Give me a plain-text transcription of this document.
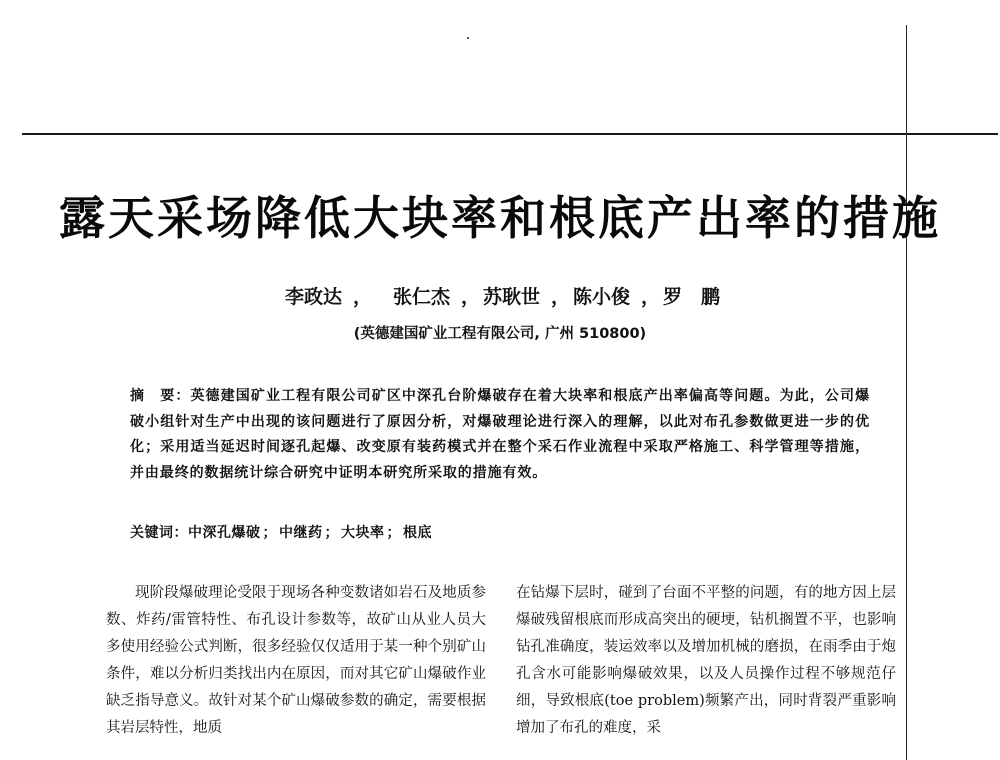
露天采场降低大块率和根底产出率的措施
李政达 ， 张仁杰 ， 苏耿世 ， 陈小俊 ， 罗　鹏
(英德建国矿业工程有限公司, 广州 510800)

摘　要：英德建国矿业工程有限公司矿区中深孔台阶爆破存在着大块率和根底产出率偏高等问题。为此，公司爆破小组针对生产中出现的该问题进行了原因分析，对爆破理论进行深入的理解，以此对布孔参数做更进一步的优化；采用适当延迟时间逐孔起爆、改变原有装药模式并在整个采石作业流程中采取严格施工、科学管理等措施，并由最终的数据统计综合研究中证明本研究所采取的措施有效。

关键词：中深孔爆破 ； 中继药 ； 大块率 ； 根底

现阶段爆破理论受限于现场各种变数诸如岩石及地质参数、炸药/雷管特性、布孔设计参数等，故矿山从业人员大多使用经验公式判断，很多经验仅仅适用于某一种个别矿山条件，难以分析归类找出内在原因，而对其它矿山爆破作业缺乏指导意义。故针对某个矿山爆破参数的确定，需要根据其岩层特性，地质

在钻爆下层时，碰到了台面不平整的问题，有的地方因上层爆破残留根底而形成高突出的硬埂，钻机搁置不平，也影响钻孔准确度，装运效率以及增加机械的磨损，在雨季由于炮孔含水可能影响爆破效果，以及人员操作过程不够规范仔细，导致根底(toe problem)频繁产出，同时背裂严重影响增加了布孔的难度，采
